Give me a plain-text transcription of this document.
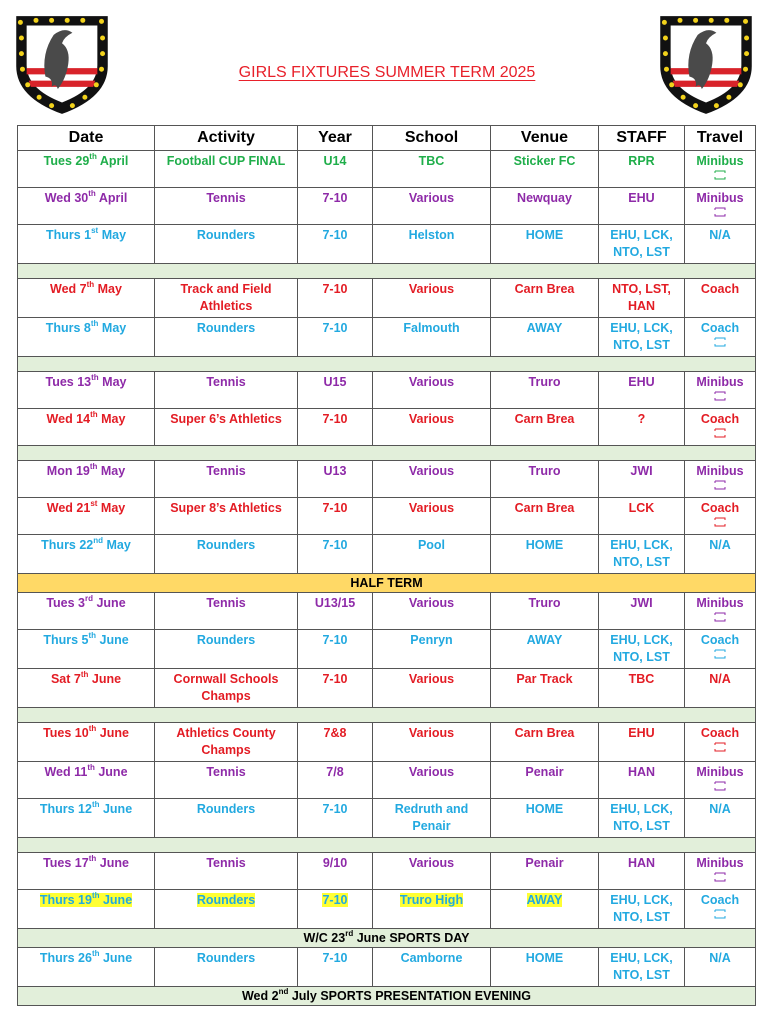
GIRLS FIXTURES SUMMER TERM 2025
Date	Activity	Year	School	Venue	STAFF	Travel
Tues 29th April	Football CUP FINAL	U14	TBC	Sticker FC	RPR	Minibus

Wed 30th April	Tennis	7-10	Various	Newquay	EHU	Minibus

Thurs 1st May	Rounders	7-10	Helston	HOME	EHU, LCK, NTO, LST	N/A

Wed 7th May	Track and Field Athletics	7-10	Various	Carn Brea	NTO, LST, HAN	Coach
Thurs 8th May	Rounders	7-10	Falmouth	AWAY	EHU, LCK, NTO, LST	Coach

Tues 13th May	Tennis	U15	Various	Truro	EHU	Minibus

Wed 14th May	Super 6’s Athletics	7-10	Various	Carn Brea	?	Coach

Mon 19th May	Tennis	U13	Various	Truro	JWI	Minibus

Wed 21st May	Super 8’s Athletics	7-10	Various	Carn Brea	LCK	Coach

Thurs 22nd May	Rounders	7-10	Pool	HOME	EHU, LCK, NTO, LST	N/A
HALF TERM						
Tues 3rd June	Tennis	U13/15	Various	Truro	JWI	Minibus

Thurs 5th June	Rounders	7-10	Penryn	AWAY	EHU, LCK, NTO, LST	Coach

Sat 7th June	Cornwall Schools Champs	7-10	Various	Par Track	TBC	N/A

Tues 10th June	Athletics County Champs	7&8	Various	Carn Brea	EHU	Coach

Wed 11th June	Tennis	7/8	Various	Penair	HAN	Minibus

Thurs 12th June	Rounders	7-10	Redruth and Penair	HOME	EHU, LCK, NTO, LST	N/A

Tues 17th June	Tennis	9/10	Various	Penair	HAN	Minibus

Thurs 19th June	Rounders	7-10	Truro High	AWAY	EHU, LCK, NTO, LST	Coach

W/C 23rd June SPORTS DAY						
Thurs 26th June	Rounders	7-10	Camborne	HOME	EHU, LCK, NTO, LST	N/A
Wed 2nd July SPORTS PRESENTATION EVENING						
